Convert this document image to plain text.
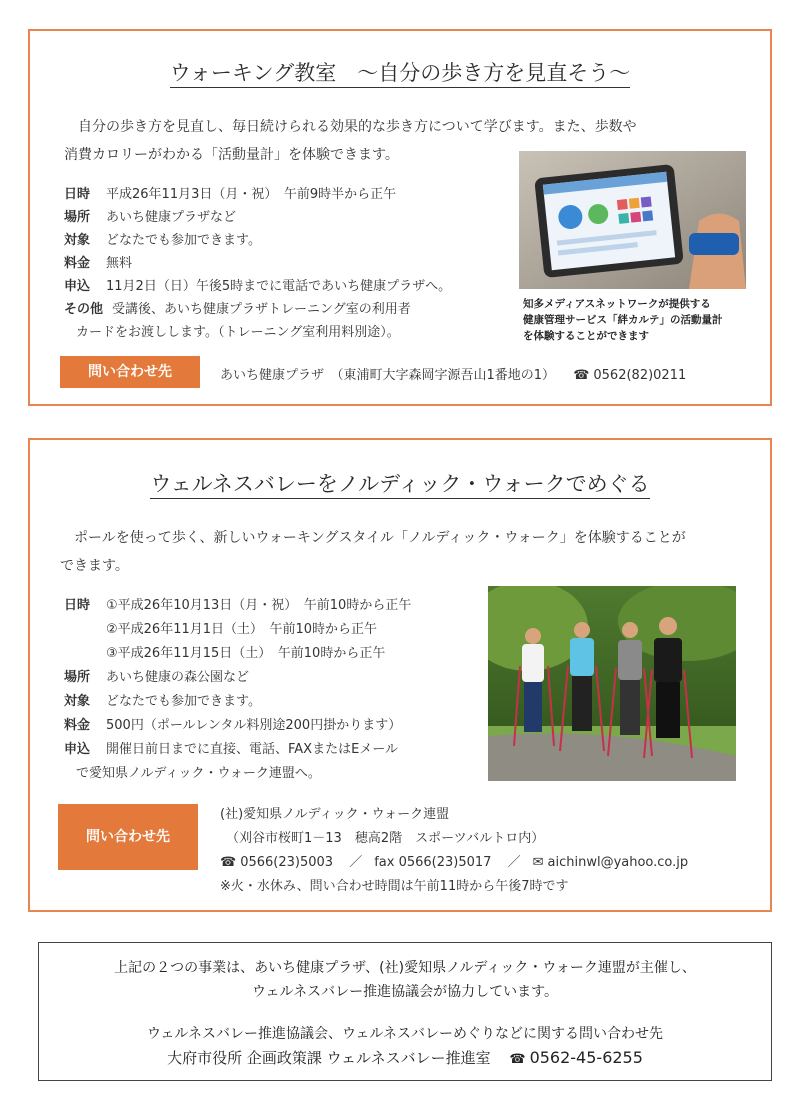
ウォーキング教室　～自分の歩き方を見直そう～
自分の歩き方を見直し、毎日続けられる効果的な歩き方について学びます。また、歩数や
消費カロリーがわかる「活動量計」を体験できます。
日時 平成26年11月3日（月・祝）　午前9時半から正午
場所 あいち健康プラザなど
対象 どなたでも参加できます。
料金 無料
申込 11月2日（日）午後5時までに電話であいち健康プラザへ。
その他 受講後、あいち健康プラザトレーニング室の利用者
カードをお渡しします。（トレーニング室利用料別途）。
知多メディアスネットワークが提供する
健康管理サービス「絆カルテ」の活動量計
を体験することができます
問い合わせ先	あいち健康プラザ　（東浦町大字森岡字源吾山1番地の1） ☎ 0562(82)0211
ウェルネスバレーをノルディック・ウォークでめぐる
ポールを使って歩く、新しいウォーキングスタイル「ノルディック・ウォーク」を体験することが
できます。
日時 ①平成26年10月13日（月・祝）　午前10時から正午
②平成26年11月1日（土）　午前10時から正午
③平成26年11月15日（土）　午前10時から正午
場所 あいち健康の森公園など
対象 どなたでも参加できます。
料金 500円（ポールレンタル料別途200円掛かります）
申込 開催日前日までに直接、電話、FAXまたはEメール
で愛知県ノルディック・ウォーク連盟へ。
問い合わせ先
(社)愛知県ノルディック・ウォーク連盟
（刈谷市桜町1－13　穂高2階　スポーツバルトロ内）
☎ 0566(23)5003 ／ fax 0566(23)5017 ／ ✉ aichinwl@yahoo.co.jp
※火・水休み、問い合わせ時間は午前11時から午後7時です
上記の２つの事業は、あいち健康プラザ、(社)愛知県ノルディック・ウォーク連盟が主催し、
ウェルネスバレー推進協議会が協力しています。
ウェルネスバレー推進協議会、ウェルネスバレーめぐりなどに関する問い合わせ先
大府市役所 企画政策課 ウェルネスバレー推進室 ☎ 0562-45-6255
